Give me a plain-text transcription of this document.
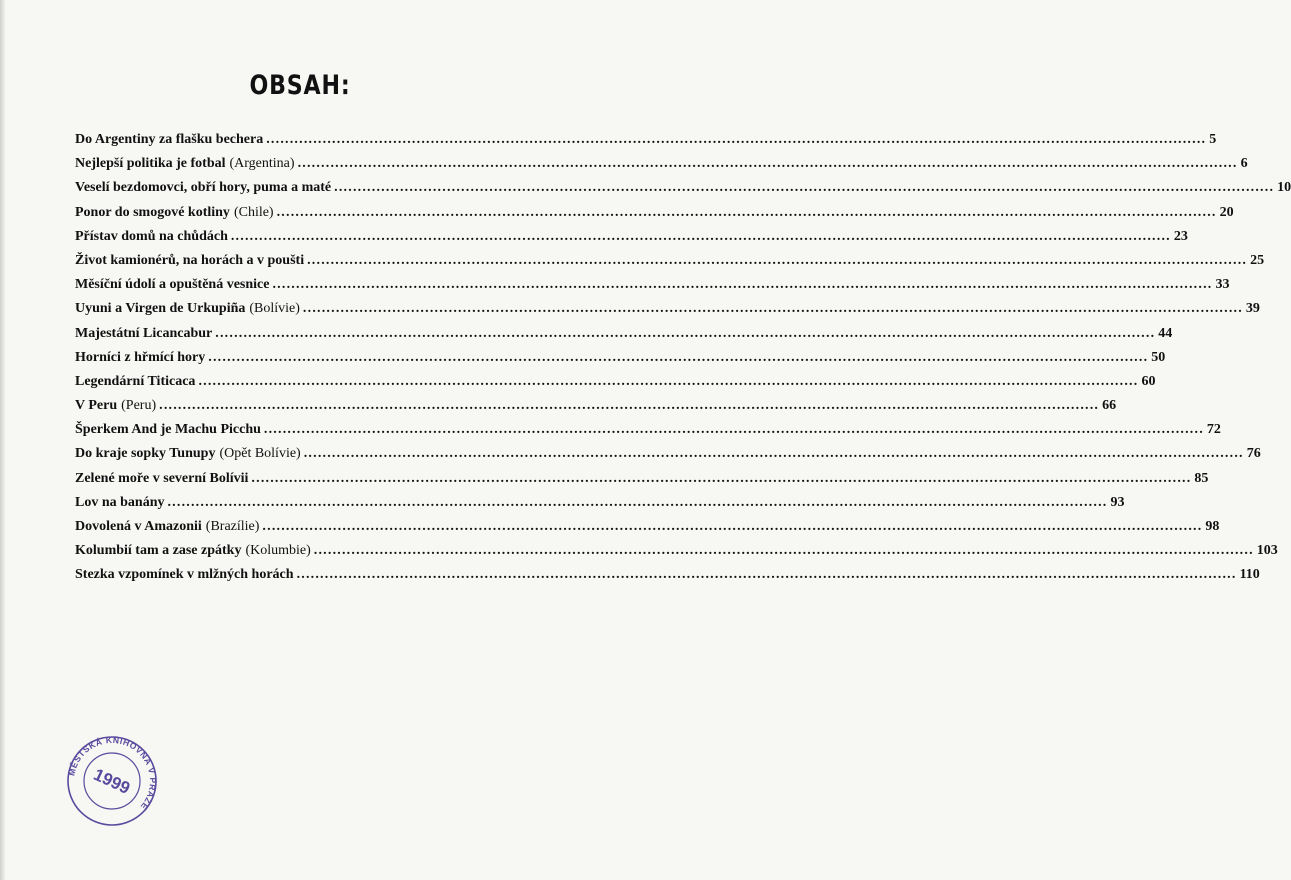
OBSAH:
Do Argentiny za flašku bechera ........................................................................................................................................................................................................ 5
Nejlepší politika je fotbal (Argentina) ........................................................................................................................................................................................................ 6
Veselí bezdomovci, obří hory, puma a maté ........................................................................................................................................................................................................ 10
Ponor do smogové kotliny (Chile) ........................................................................................................................................................................................................ 20
Přístav domů na chůdách ........................................................................................................................................................................................................ 23
Život kamionérů, na horách a v poušti ........................................................................................................................................................................................................ 25
Měsíční údolí a opuštěná vesnice ........................................................................................................................................................................................................ 33
Uyuni a Virgen de Urkupiña (Bolívie) ........................................................................................................................................................................................................ 39
Majestátní Licancabur ........................................................................................................................................................................................................ 44
Horníci z hřmící hory ........................................................................................................................................................................................................ 50
Legendární Titicaca ........................................................................................................................................................................................................ 60
V Peru (Peru) ........................................................................................................................................................................................................ 66
Šperkem And je Machu Picchu ........................................................................................................................................................................................................ 72
Do kraje sopky Tunupy (Opět Bolívie) ........................................................................................................................................................................................................ 76
Zelené moře v severní Bolívii ........................................................................................................................................................................................................ 85
Lov na banány ........................................................................................................................................................................................................ 93
Dovolená v Amazonii (Brazílie) ........................................................................................................................................................................................................ 98
Kolumbií tam a zase zpátky (Kolumbie) ........................................................................................................................................................................................................ 103
Stezka vzpomínek v mlžných horách ........................................................................................................................................................................................................ 110
MĚSTSKÁ KNIHOVNA V PRAZE
1999
